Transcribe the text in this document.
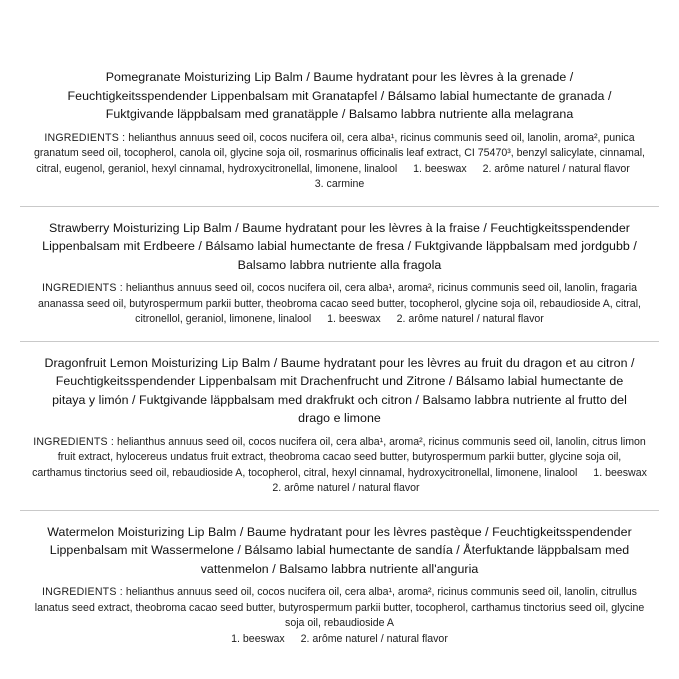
Pomegranate Moisturizing Lip Balm / Baume hydratant pour les lèvres à la grenade / Feuchtigkeitsspendender Lippenbalsam mit Granatapfel / Bálsamo labial humectante de granada / Fuktgivande läppbalsam med granatäpple / Balsamo labbra nutriente alla melagrana
INGREDIENTS : helianthus annuus seed oil, cocos nucifera oil, cera alba¹, ricinus communis seed oil, lanolin, aroma², punica granatum seed oil, tocopherol, canola oil, glycine soja oil, rosmarinus officinalis leaf extract, CI 75470³, benzyl salicylate, cinnamal, citral, eugenol, geraniol, hexyl cinnamal, hydroxycitronellal, limonene, linalool 1. beeswax 2. arôme naturel / natural flavor  3. carmine
Strawberry Moisturizing Lip Balm / Baume hydratant pour les lèvres à la fraise / Feuchtigkeitsspendender Lippenbalsam mit Erdbeere / Bálsamo labial humectante de fresa / Fuktgivande läppbalsam med jordgubb / Balsamo labbra nutriente alla fragola
INGREDIENTS : helianthus annuus seed oil, cocos nucifera oil, cera alba¹, aroma², ricinus communis seed oil, lanolin, fragaria ananassa seed oil, butyrospermum parkii butter, theobroma cacao seed butter, tocopherol, glycine soja oil, rebaudioside A, citral, citronellol, geraniol, limonene, linalool 1. beeswax 2. arôme naturel / natural flavor
Dragonfruit Lemon Moisturizing Lip Balm / Baume hydratant pour les lèvres au fruit du dragon et au citron / Feuchtigkeitsspendender Lippenbalsam mit Drachenfrucht und Zitrone / Bálsamo labial humectante de pitaya y limón / Fuktgivande läppbalsam med drakfrukt och citron / Balsamo labbra nutriente al frutto del drago e limone
INGREDIENTS : helianthus annuus seed oil, cocos nucifera oil, cera alba¹, aroma², ricinus communis seed oil, lanolin, citrus limon fruit extract, hylocereus undatus fruit extract, theobroma cacao seed butter, butyrospermum parkii butter, glycine soja oil, carthamus tinctorius seed oil, rebaudioside A, tocopherol, citral, hexyl cinnamal, hydroxycitronellal, limonene, linalool 1. beeswax  2. arôme naturel / natural flavor
Watermelon Moisturizing Lip Balm / Baume hydratant pour les lèvres pastèque / Feuchtigkeitsspendender Lippenbalsam mit Wassermelone / Bálsamo labial humectante de sandía / Återfuktande läppbalsam med vattenmelon / Balsamo labbra nutriente all'anguria
INGREDIENTS : helianthus annuus seed oil, cocos nucifera oil, cera alba¹, aroma², ricinus communis seed oil, lanolin, citrullus lanatus seed extract, theobroma cacao seed butter, butyrospermum parkii butter, tocopherol, carthamus tinctorius seed oil, glycine soja oil, rebaudioside A
1. beeswax 2. arôme naturel / natural flavor
